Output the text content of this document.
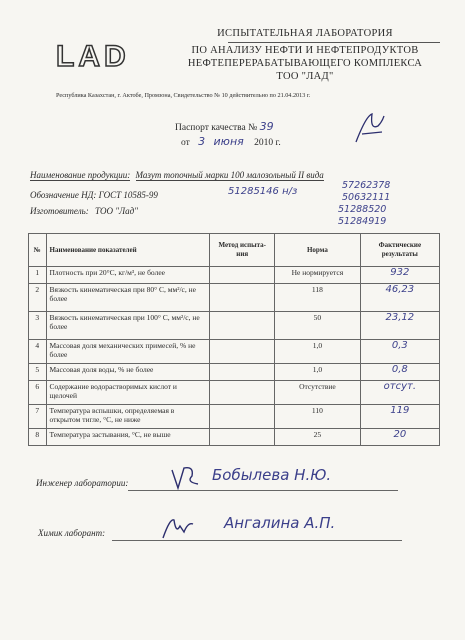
LAD
ИСПЫТАТЕЛЬНАЯ ЛАБОРАТОРИЯ
ПО АНАЛИЗУ НЕФТИ И НЕФТЕПРОДУКТОВ
НЕФТЕПЕРЕРАБАТЫВАЮЩЕГО КОМПЛЕКСА
ТОО "ЛАД"
Республика Казахстан, г. Актобе, Промзона, Свидетельство № 10 действительно по 21.04.2013 г.
Паспорт качества № 39
от 3 июня 2010 г.
Наименование продукции: Мазут топочный марки 100 малозольный II вида
Обозначение НД: ГОСТ 10585-99
Изготовитель: ТОО "Лад"
51285146 н/з
57262378
50632111
51288520
51284919
№	Наименование показателей	Метод испыта-ния	Норма	Фактические результаты
1	Плотность при 20°С, кг/м³, не более		Не нормируется	932
2	Вязкость кинематическая при 80° С, мм²/с, не более		118	46,23
3	Вязкость кинематическая при 100° С, мм²/с, не более		50	23,12
4	Массовая доля механических примесей, % не более		1,0	0,3
5	Массовая доля воды, % не более		1,0	0,8
6	Содержание водорастворимых кислот и щелочей		Отсутствие	отсут.
7	Температура вспышки, определяемая в открытом тигле, °С, не ниже		110	119
8	Температура застывания, °С, не выше		25	20
Инженер лаборатории:	Бобылева Н.Ю.
Химик лаборант:
Ангалина А.П.
